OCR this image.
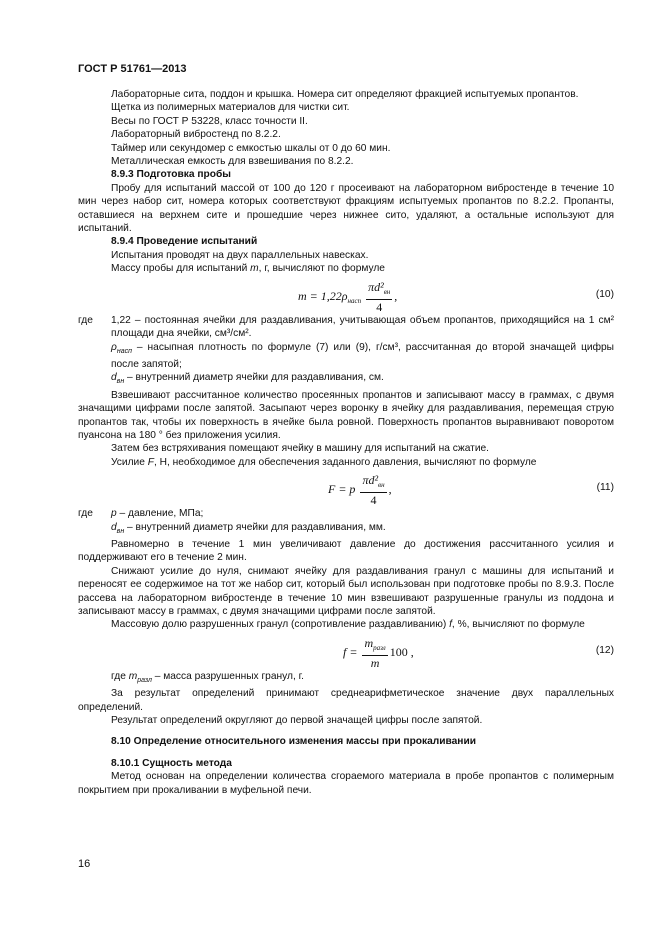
ГОСТ Р 51761—2013

Лабораторные сита, поддон и крышка. Номера сит определяют фракцией испытуемых пропантов.

Щетка из полимерных материалов для чистки сит.

Весы по ГОСТ Р 53228, класс точности II.

Лабораторный вибростенд по 8.2.2.

Таймер или секундомер с емкостью шкалы от 0 до 60 мин.

Металлическая емкость для взвешивания по 8.2.2.

8.9.3 Подготовка пробы

Пробу для испытаний массой от 100 до 120 г просеивают на лабораторном вибростенде в течение 10 мин через набор сит, номера которых соответствуют фракциям испытуемых пропантов по 8.2.2. Пропанты, оставшиеся на верхнем сите и прошедшие через нижнее сито, удаляют, а остальные используют для испытаний.

8.9.4 Проведение испытаний

Испытания проводят на двух параллельных навесках.

Массу пробы для испытаний m, г, вычисляют по формуле

$m = 1,22\rho_{насп} \frac{\pi d^2_{вн}}{4}$ ,	(10)

где 1,22 – постоянная ячейки для раздавливания, учитывающая объем пропантов, приходящийся на 1 см² площади дна ячейки, см³/см².

$\rho_{насп}$ – насыпная плотность по формуле (7) или (9), г/см³, рассчитанная до второй значащей цифры после запятой;

$d_{вн}$ – внутренний диаметр ячейки для раздавливания, см.

Взвешивают рассчитанное количество просеянных пропантов и записывают массу в граммах, с двумя значащими цифрами после запятой. Засыпают через воронку в ячейку для раздавливания, перемещая струю пропантов так, чтобы их поверхность в ячейке была ровной. Поверхность пропантов выравнивают поворотом пуансона на 180 ° без приложения усилия.

Затем без встряхивания помещают ячейку в машину для испытаний на сжатие.

Усилие F, Н, необходимое для обеспечения заданного давления, вычисляют по формуле

F = p $\frac{\pi d^2_{вн}}{4}$ ,	(11)

где p – давление, МПа;

$d_{вн}$ – внутренний диаметр ячейки для раздавливания, мм.

Равномерно в течение 1 мин увеличивают давление до достижения рассчитанного усилия и поддерживают его в течение 2 мин.

Снижают усилие до нуля, снимают ячейку для раздавливания гранул с машины для испытаний и переносят ее содержимое на тот же набор сит, который был использован при подготовке пробы по 8.9.3. После рассева на лабораторном вибростенде в течение 10 мин взвешивают разрушенные гранулы из поддона и записывают массу в граммах, с двумя значащими цифрами после запятой.

Массовую долю разрушенных гранул (сопротивление раздавливанию) f, %, вычисляют по формуле

$f = \frac{m_{разл}}{m} 100$ ,	(12)

где $m_{разл}$ – масса разрушенных гранул, г.

За результат определений принимают среднеарифметическое значение двух параллельных определений.

Результат определений округляют до первой значащей цифры после запятой.

8.10 Определение относительного изменения массы при прокаливании

8.10.1 Сущность метода

Метод основан на определении количества сгораемого материала в пробе пропантов с полимерным покрытием при прокаливании в муфельной печи.

16
